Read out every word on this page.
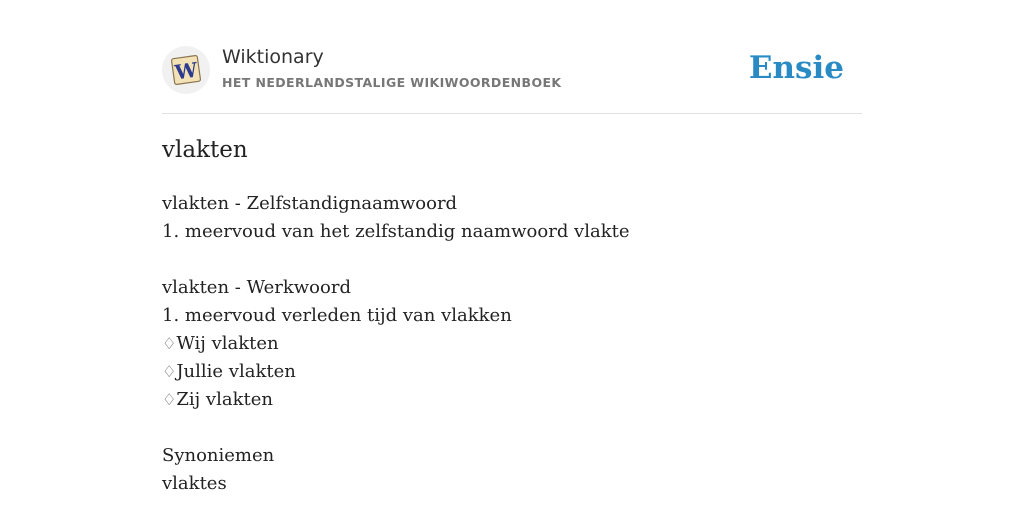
W
Wiktionary
HET NEDERLANDSTALIGE WIKIWOORDENBOEK	Ensie
vlakten
vlakten - Zelfstandignaamwoord
1. meervoud van het zelfstandig naamwoord vlakte
vlakten - Werkwoord
1. meervoud verleden tijd van vlakken
♢Wij vlakten
♢Jullie vlakten
♢Zij vlakten
Synoniemen
vlaktes
